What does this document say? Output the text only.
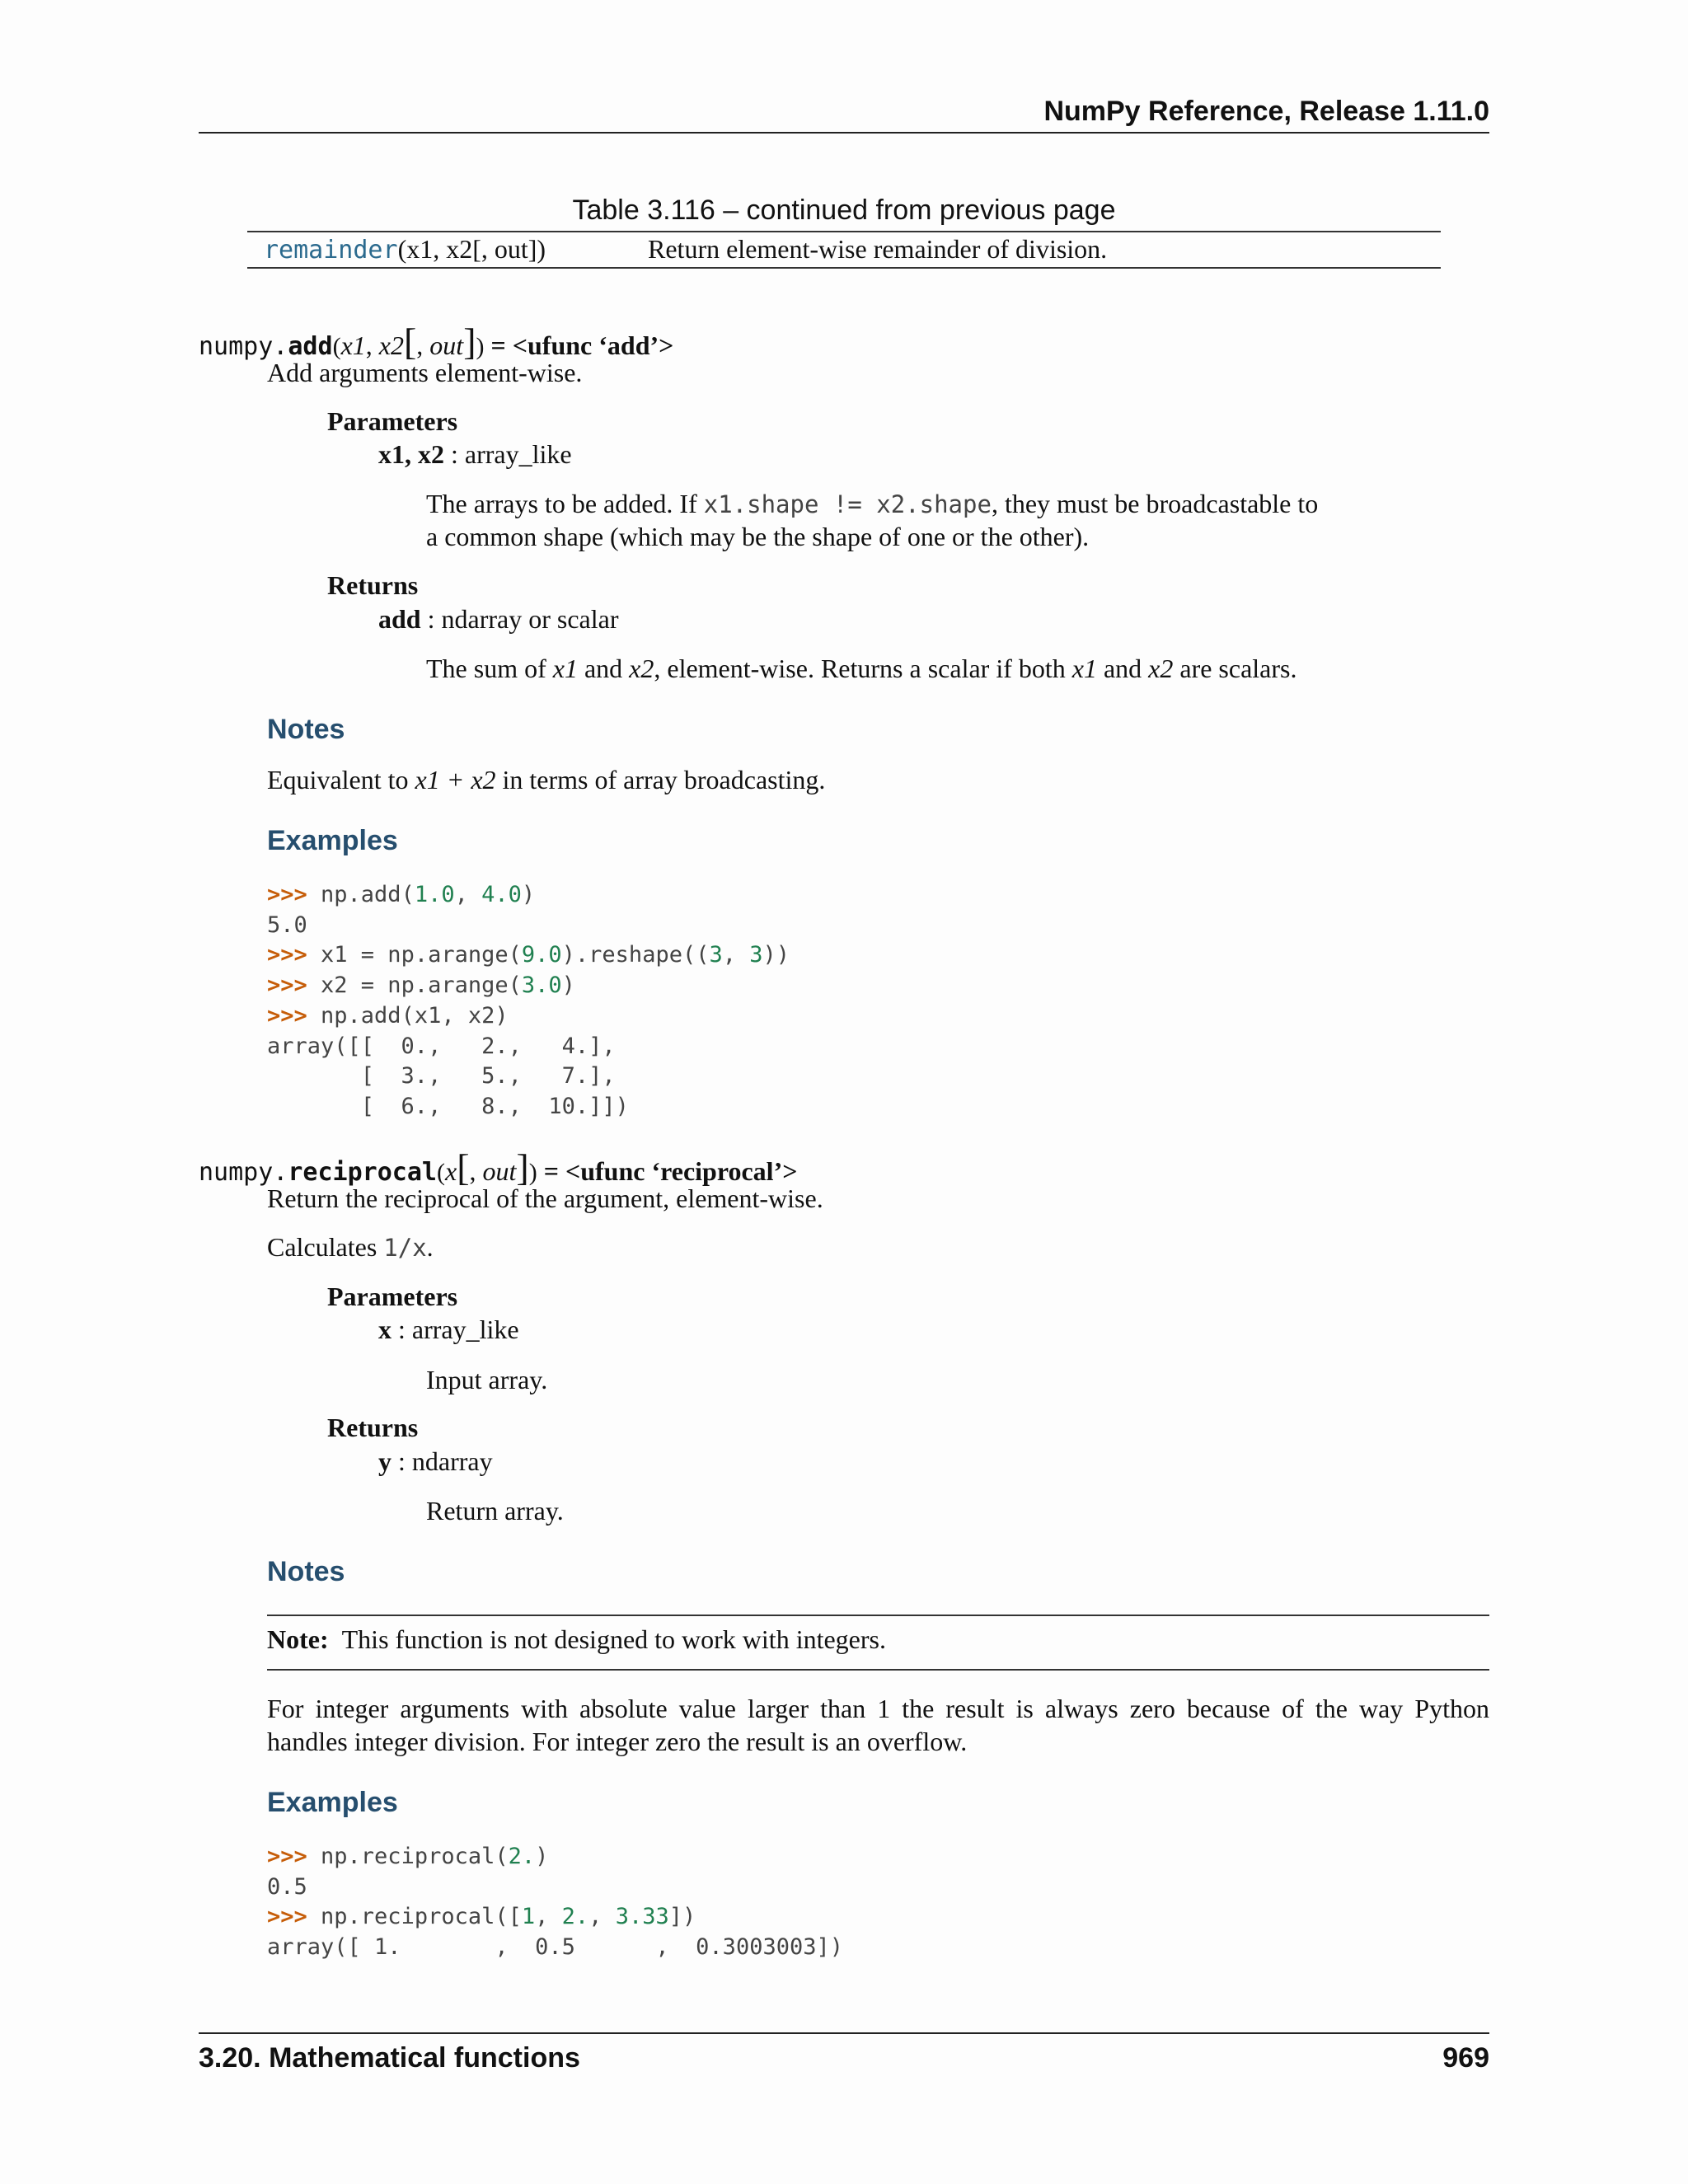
NumPy Reference, Release 1.11.0
Table 3.116 – continued from previous page
remainder(x1, x2[, out])	Return element-wise remainder of division.
numpy.add(x1, x2[, out]) = <ufunc ‘add’>
Add arguments element-wise.
Parameters
x1, x2 : array_like
The arrays to be added. If x1.shape != x2.shape, they must be broadcastable to
a common shape (which may be the shape of one or the other).
Returns
add : ndarray or scalar
The sum of x1 and x2, element-wise. Returns a scalar if both x1 and x2 are scalars.
Notes
Equivalent to x1 + x2 in terms of array broadcasting.
Examples
>>> np.add(1.0, 4.0)
5.0
>>> x1 = np.arange(9.0).reshape((3, 3))
>>> x2 = np.arange(3.0)
>>> np.add(x1, x2)
array([[  0.,   2.,   4.],
[  3.,   5.,   7.],
[  6.,   8.,  10.]])
numpy.reciprocal(x[, out]) = <ufunc ‘reciprocal’>
Return the reciprocal of the argument, element-wise.
Calculates 1/x.
Parameters
x : array_like
Input array.
Returns
y : ndarray
Return array.
Notes
Note: This function is not designed to work with integers.
For integer arguments with absolute value larger than 1 the result is always zero because of the way Python
handles integer division. For integer zero the result is an overflow.
Examples
>>> np.reciprocal(2.)
0.5
>>> np.reciprocal([1, 2., 3.33])
array([ 1.       ,  0.5      ,  0.3003003])
3.20. Mathematical functions	969
